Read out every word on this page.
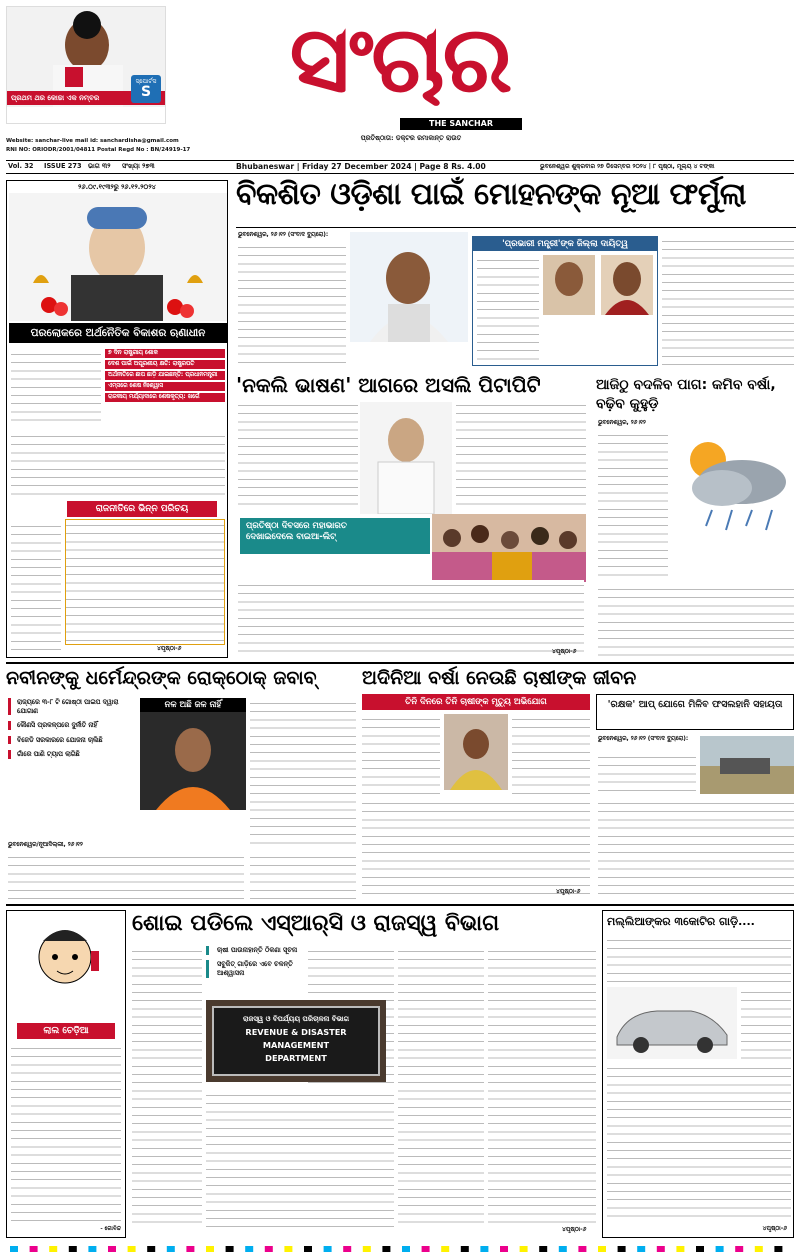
ପ୍ରଥମ ଥର କୋଚ୍ଚା ଏକ ନମ୍ବର
ସ୍ପୋର୍ଟସ
S
Website: sanchar-live mail id: sanchardisha@gmail.com
RNI NO: ORIODR/2001/04811 Postal Regd No : BN/24919-17
ସଂଚାର
THE SANCHAR
ପ୍ରତିଷ୍ଠାତା: ଡକ୍ଟର ରମାକାନ୍ତ ରାଉତ
Vol. 32 ISSUE 273 ଭାଗ ୩୨ ସଂଖ୍ୟା ୨୭୩	Bhubaneswar | Friday 27 December 2024 | Page 8 Rs. 4.00	ଭୁବନେଶ୍ୱର ଶୁକ୍ରବାର ୨୭ ଡିସେମ୍ବର ୨୦୨୪ | ୮ ପୃଷ୍ଠା, ମୂଲ୍ୟ ୪ ଟଙ୍କା
୨୬.୦୯.୧୯୩୨ରୁ ୨୬.୧୨.୨୦୨୪
ପରଲୋକରେ ଅର୍ଥନୈତିକ ବିକାଶର ଋଣାଧୀନ
୭ ଦିନ ରାଷ୍ଟ୍ରୀୟ ଶୋକ
ଦେଶ ପାଇଁ ଅପୂରଣୀୟ କ୍ଷତି: ରାଷ୍ଟ୍ରପତି
ଅର୍ଥନୀତିରେ ଛାପ ଛାଡ଼ି ଯାଇଛନ୍ତି: ପ୍ରଧାନମନ୍ତ୍ରୀ
ଏମ୍ସରେ ଶେଷ ନିଃଶ୍ୱାସ
ରାଜକୀୟ ମର୍ଯ୍ୟାଦାରେ ଶେଷକୃତ୍ୟ: ଖର୍ଗେ
ରାଜନୀତିରେ ଭିନ୍ନ ପରିଚୟ
୪ପୃଷ୍ଠା-୬
ବିକଶିତ ଓଡ଼ିଶା ପାଇଁ ମୋହନଙ୍କ ନୂଆ ଫର୍ମୁଲା
ଭୁବନେଶ୍ୱର, ୨୬।୧୨ (ସଂବାଦ ବ୍ୟୁରୋ):
'ପ୍ରଭାରୀ ମନ୍ତ୍ରୀ'ଙ୍କ ଜିଲ୍ଲା ଦାୟିତ୍ୱ
'ନକଲି ଭାଷଣ' ଆଗରେ ଅସଲି ପିଟାପିଟି
ପ୍ରତିଷ୍ଠା ଦିବସରେ ମହାଭାରତ
ଦେଖାଇଦେଲେ ବାଇଆ-ଲିଟ୍
୪ପୃଷ୍ଠା-୬
ଆଜିଠୁ ବଦଳିବ ପାଗ: କମିବ ବର୍ଷା, ବଢ଼ିବ କୁହୁଡ଼ି
ଭୁବନେଶ୍ୱର, ୨୬।୧୨
ନବୀନଙ୍କୁ ଧର୍ମେନ୍ଦ୍ରଙ୍କ ରୋକ୍ଠୋକ୍ ଜବାବ୍
ରାଜ୍ୟରେ ୩-୮ ଟି ଗୋଷ୍ଠୀ ପାଇପ ଦ୍ୱାରା ଯୋଗାଣ
କୌଣସି ପ୍ରକଳ୍ପରେ ଦୁର୍ନୀତି ନାହିଁ
ବିଜେଡି ସରକାରରେ ଯୋଜନା ଚାଲିଛି
ଗାଁରେ ପାଣି ଟ୍ୟାପ ଲାଗିଛି
ନଳ ଅଛି ଜଳ ନାହିଁ
ଭୁବନେଶ୍ୱର/ନୂଆଦିଲ୍ଲୀ, ୨୬।୧୨
ଅଦିନିଆ ବର୍ଷା ନେଉଛି ଚାଷୀଙ୍କ ଜୀବନ
ତିନି ଦିନରେ ତିନି ଚାଷୀଙ୍କ ମୃତ୍ୟୁ ଅଭିଯୋଗ
୪ପୃଷ୍ଠା-୬
'ରକ୍ଷକ' ଆପ୍ ଯୋଗେ ମିଳିବ ଫସଲହାନି ସହାୟତା
ଭୁବନେଶ୍ୱର, ୨୬।୧୨ (ସଂବାଦ ବ୍ୟୁରୋ):
ଲାଲ ଚେଡ଼ିଆ
- ଗୋବିନ୍ଦ
ଶୋଇ ପଡିଲେ ଏସ୍ଆର୍‌ସି ଓ ରାଜସ୍ୱ ବିଭାଗ
ଚାଷୀ ପାଉନାହାନ୍ତି ଠିକଣା ସୂଚନା
ସବୁଜିତ୍ ଗାଡ଼ିରେ ଏବେ ଚଳନ୍ତି ଆଶ୍ୱାସନା
ରାଜସ୍ୱ ଓ ବିପର୍ଯ୍ୟୟ ପରିଚାଳନା ବିଭାଗ
REVENUE & DISASTER MANAGEMENT
DEPARTMENT
୪ପୃଷ୍ଠା-୬
ମଲ୍ଲିଆଙ୍କର ୩କୋଟିର ଗାଡ଼ି....
୪ପୃଷ୍ଠା-୬
